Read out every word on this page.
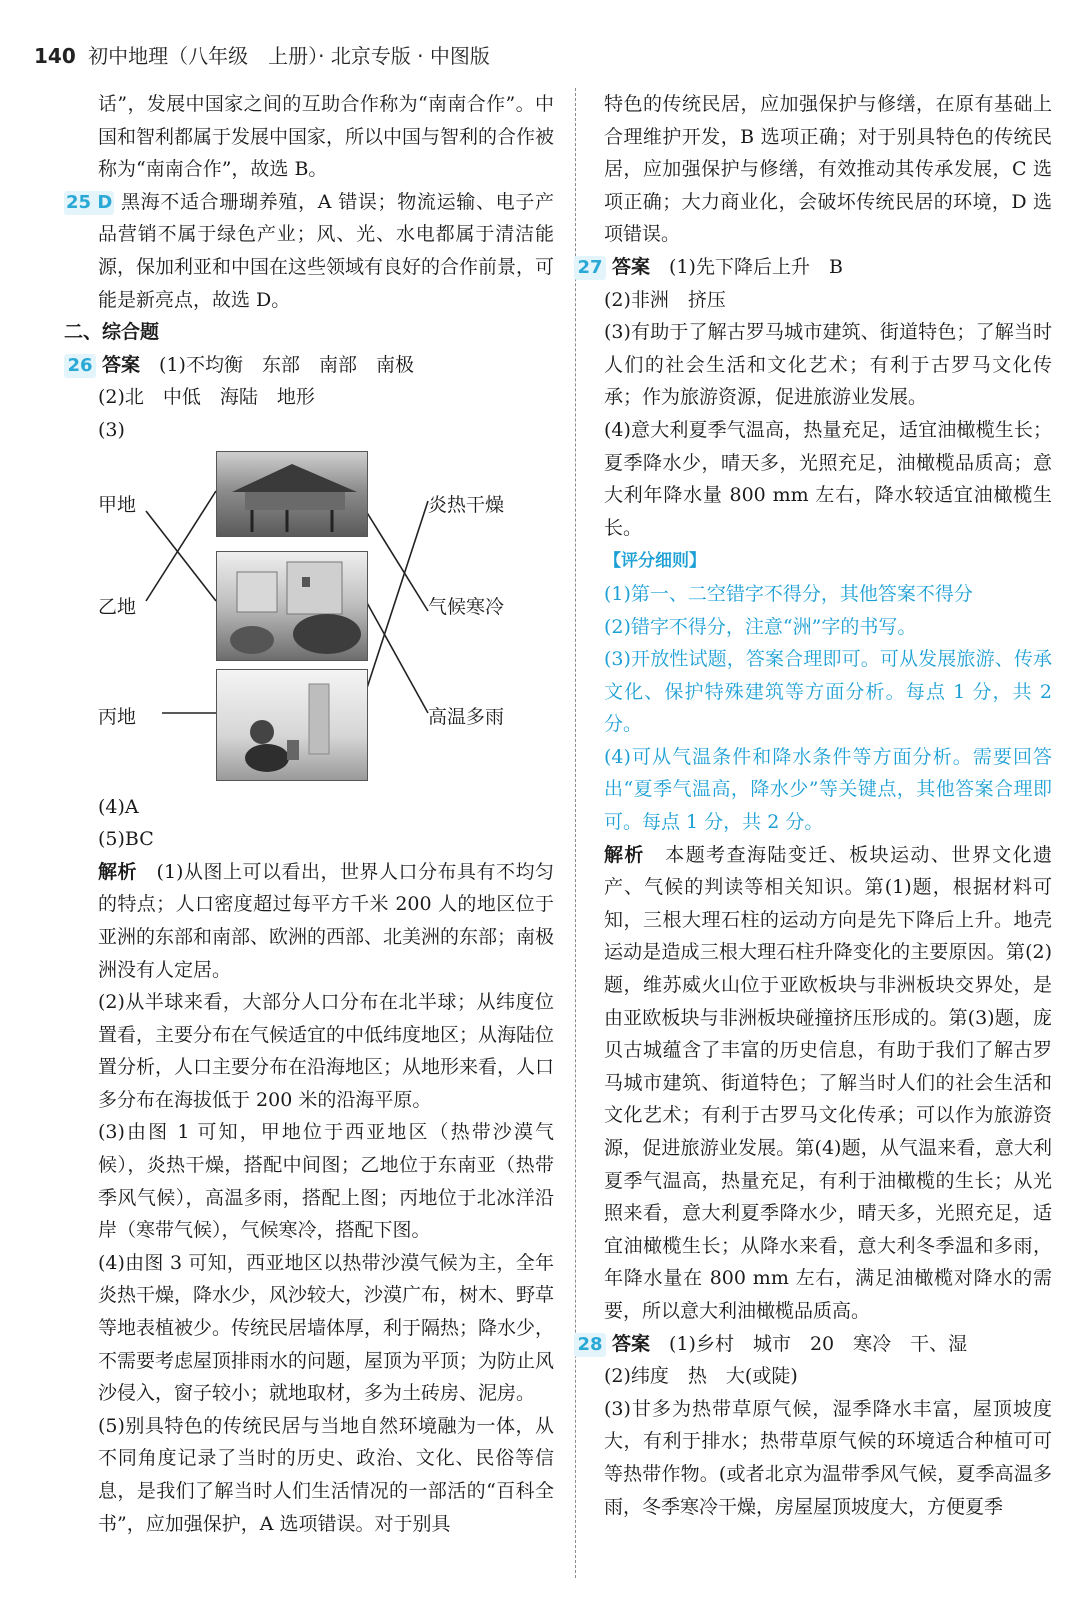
140 初中地理（八年级　上册）· 北京专版 · 中图版

话”，发展中国家之间的互助合作称为“南南合作”。中国和智利都属于发展中国家，所以中国与智利的合作被称为“南南合作”，故选 B。

25 D 黑海不适合珊瑚养殖，A 错误；物流运输、电子产品营销不属于绿色产业；风、光、水电都属于清洁能源，保加利亚和中国在这些领域有良好的合作前景，可能是新亮点，故选 D。

二、综合题

26 答案　 (1)不均衡　东部　南部　南极

(2)北　中低　海陆　地形

(3)

甲地
乙地
丙地
炎热干燥
气候寒冷
高温多雨

(4)A

(5)BC

解析　 (1)从图上可以看出，世界人口分布具有不均匀的特点；人口密度超过每平方千米 200 人的地区位于亚洲的东部和南部、欧洲的西部、北美洲的东部；南极洲没有人定居。

(2)从半球来看，大部分人口分布在北半球；从纬度位置看，主要分布在气候适宜的中低纬度地区；从海陆位置分析，人口主要分布在沿海地区；从地形来看，人口多分布在海拔低于 200 米的沿海平原。

(3)由图 1 可知，甲地位于西亚地区（热带沙漠气候），炎热干燥，搭配中间图；乙地位于东南亚（热带季风气候），高温多雨，搭配上图；丙地位于北冰洋沿岸（寒带气候），气候寒冷，搭配下图。

(4)由图 3 可知，西亚地区以热带沙漠气候为主，全年炎热干燥，降水少，风沙较大，沙漠广布，树木、野草等地表植被少。传统民居墙体厚，利于隔热；降水少，不需要考虑屋顶排雨水的问题，屋顶为平顶；为防止风沙侵入，窗子较小；就地取材，多为土砖房、泥房。

(5)别具特色的传统民居与当地自然环境融为一体，从不同角度记录了当时的历史、政治、文化、民俗等信息，是我们了解当时人们生活情况的一部活的“百科全书”，应加强保护，A 选项错误。对于别具

特色的传统民居，应加强保护与修缮，在原有基础上合理维护开发，B 选项正确；对于别具特色的传统民居，应加强保护与修缮，有效推动其传承发展，C 选项正确；大力商业化，会破坏传统民居的环境，D 选项错误。

27 答案　 (1)先下降后上升　B

(2)非洲　挤压

(3)有助于了解古罗马城市建筑、街道特色；了解当时人们的社会生活和文化艺术；有利于古罗马文化传承；作为旅游资源，促进旅游业发展。

(4)意大利夏季气温高，热量充足，适宜油橄榄生长；夏季降水少，晴天多，光照充足，油橄榄品质高；意大利年降水量 800 mm 左右，降水较适宜油橄榄生长。

【评分细则】

(1)第一、二空错字不得分，其他答案不得分

(2)错字不得分，注意“洲”字的书写。

(3)开放性试题，答案合理即可。可从发展旅游、传承文化、保护特殊建筑等方面分析。每点 1 分，共 2 分。

(4)可从气温条件和降水条件等方面分析。需要回答出“夏季气温高，降水少”等关键点，其他答案合理即可。每点 1 分，共 2 分。

解析　 本题考查海陆变迁、板块运动、世界文化遗产、气候的判读等相关知识。第(1)题，根据材料可知，三根大理石柱的运动方向是先下降后上升。地壳运动是造成三根大理石柱升降变化的主要原因。第(2)题，维苏威火山位于亚欧板块与非洲板块交界处，是由亚欧板块与非洲板块碰撞挤压形成的。第(3)题，庞贝古城蕴含了丰富的历史信息，有助于我们了解古罗马城市建筑、街道特色；了解当时人们的社会生活和文化艺术；有利于古罗马文化传承；可以作为旅游资源，促进旅游业发展。第(4)题，从气温来看，意大利夏季气温高，热量充足，有利于油橄榄的生长；从光照来看，意大利夏季降水少，晴天多，光照充足，适宜油橄榄生长；从降水来看，意大利冬季温和多雨，年降水量在 800 mm 左右，满足油橄榄对降水的需要，所以意大利油橄榄品质高。

28 答案　 (1)乡村　城市　20　寒冷　干、湿

(2)纬度　热　大(或陡)

(3)甘多为热带草原气候，湿季降水丰富，屋顶坡度大，有利于排水；热带草原气候的环境适合种植可可等热带作物。(或者北京为温带季风气候，夏季高温多雨，冬季寒冷干燥，房屋屋顶坡度大，方便夏季
